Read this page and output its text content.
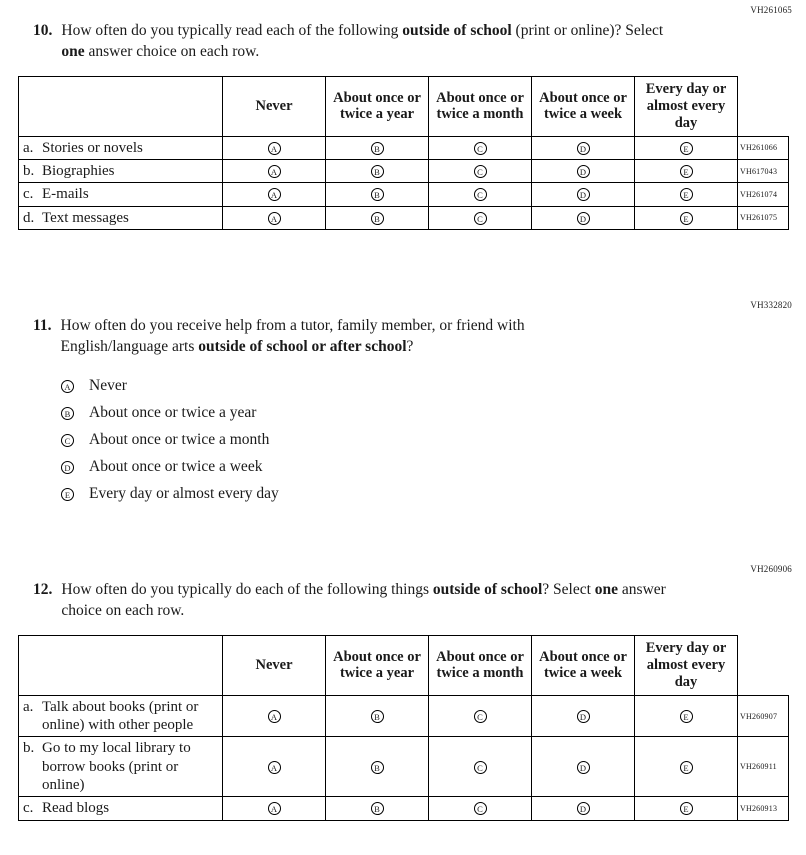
VH261065
10. How often do you typically read each of the following outside of school (print or online)? Select one answer choice on each row.
	Never	About once or twice a year	About once or twice a month	About once or twice a week	Every day or almost every day	

a. Stories or novels	A	B	C	D	E	VH261066

b. Biographies	A	B	C	D	E	VH617043

c. E-mails	A	B	C	D	E	VH261074

d. Text messages	A	B	C	D	E	VH261075
VH332820
11. How often do you receive help from a tutor, family member, or friend with English/language arts outside of school or after school?
A Never
B About once or twice a year
C About once or twice a month
D About once or twice a week
E Every day or almost every day
VH260906
12. How often do you typically do each of the following things outside of school? Select one answer choice on each row.
	Never	About once or twice a year	About once or twice a month	About once or twice a week	Every day or almost every day	

a. Talk about books (print or online) with other people	A	B	C	D	E	VH260907

b. Go to my local library to borrow books (print or online)	A	B	C	D	E	VH260911

c. Read blogs	A	B	C	D	E	VH260913
